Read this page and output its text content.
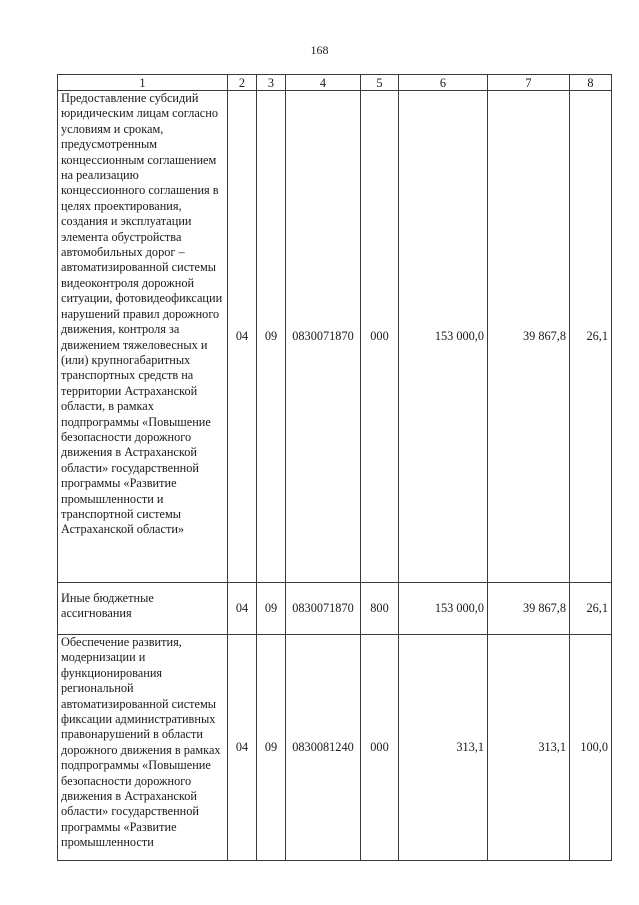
168
1	2	3	4	5	6	7	8
Предоставление субсидий юридическим лицам согласно условиям и срокам, предусмотренным концессионным соглашением на реализацию концессионного соглашения в целях проектирования, создания и эксплуатации элемента обустройства автомобильных дорог – автоматизированной системы видеоконтроля дорожной ситуации, фотовидеофиксации нарушений правил дорожного движения, контроля за движением тяжеловесных и (или) крупногабаритных транспортных средств на территории Астраханской области, в рамках подпрограммы «Повышение безопасности дорожного движения в Астраханской области» государственной программы «Развитие промышленности и транспортной системы Астраханской области»	04	09	0830071870	000	153 000,0	39 867,8	26,1
Иные бюджетные ассигнования	04	09	0830071870	800	153 000,0	39 867,8	26,1
Обеспечение развития, модернизации и функционирования региональной автоматизированной системы фиксации административных правонарушений в области дорожного движения в рамках подпрограммы «Повышение безопасности дорожного движения в Астраханской области» государственной программы «Развитие промышленности	04	09	0830081240	000	313,1	313,1	100,0
